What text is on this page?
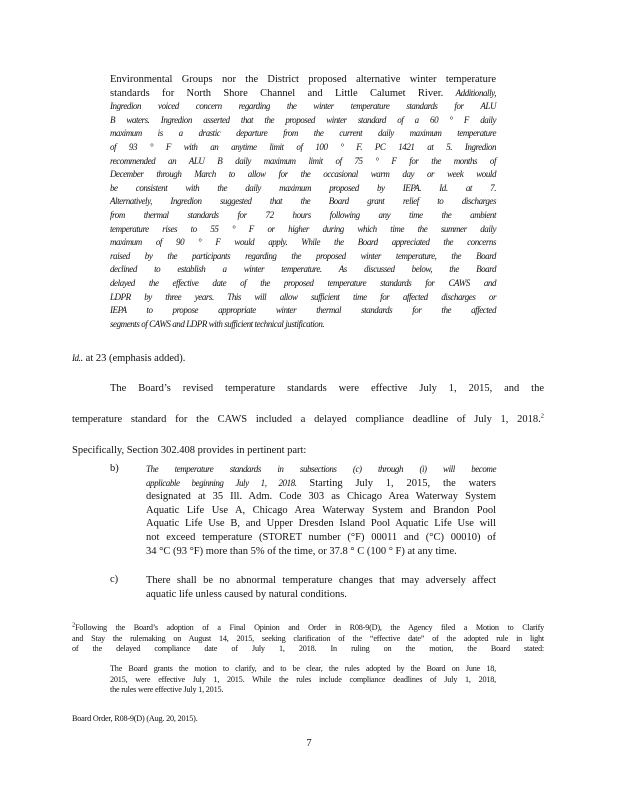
Environmental Groups nor the District proposed alternative winter temperature
standards for North Shore Channel and Little Calumet River. Additionally,
Ingredion voiced concern regarding the winter temperature standards for ALU
B waters. Ingredion asserted that the proposed winter standard of a 60 ° F daily
maximum is a drastic departure from the current daily maximum temperature
of 93 ° F with an anytime limit of 100 ° F. PC 1421 at 5. Ingredion
recommended an ALU B daily maximum limit of 75 ° F for the months of
December through March to allow for the occasional warm day or week would
be consistent with the daily maximum proposed by IEPA. Id. at 7.
Alternatively, Ingredion suggested that the Board grant relief to discharges
from thermal standards for 72 hours following any time the ambient
temperature rises to 55 ° F or higher during which time the summer daily
maximum of 90 ° F would apply. While the Board appreciated the concerns
raised by the participants regarding the proposed winter temperature, the Board
declined to establish a winter temperature. As discussed below, the Board
delayed the effective date of the proposed temperature standards for CAWS and
LDPR by three years. This will allow sufficient time for affected discharges or
IEPA to propose appropriate winter thermal standards for the affected
segments of CAWS and LDPR with sufficient technical justification.
Id.. at 23 (emphasis added).
The Board’s revised temperature standards were effective July 1, 2015, and the
temperature standard for the CAWS included a delayed compliance deadline of July 1, 2018.$^2$
Specifically, Section 302.408 provides in pertinent part:
b)	The temperature standards in subsections (c) through (i) will become
applicable beginning July 1, 2018. Starting July 1, 2015, the waters
designated at 35 Ill. Adm. Code 303 as Chicago Area Waterway System
Aquatic Life Use A, Chicago Area Waterway System and Brandon Pool
Aquatic Life Use B, and Upper Dresden Island Pool Aquatic Life Use will
not exceed temperature (STORET number (°F) 00011 and (°C) 00010) of
34 °C (93 °F) more than 5% of the time, or 37.8 ° C (100 ° F) at any time.
c)	There shall be no abnormal temperature changes that may adversely affect
aquatic life unless caused by natural conditions.
$^2$Following the Board’s adoption of a Final Opinion and Order in R08-9(D), the Agency filed a Motion to Clarify
and Stay the rulemaking on August 14, 2015, seeking clarification of the “effective date” of the adopted rule in light
of the delayed compliance date of July 1, 2018. In ruling on the motion, the Board stated:
The Board grants the motion to clarify, and to be clear, the rules adopted by the Board on June 18,
2015, were effective July 1, 2015. While the rules include compliance deadlines of July 1, 2018,
the rules were effective July 1, 2015.
Board Order, R08-9(D) (Aug. 20, 2015).
7
